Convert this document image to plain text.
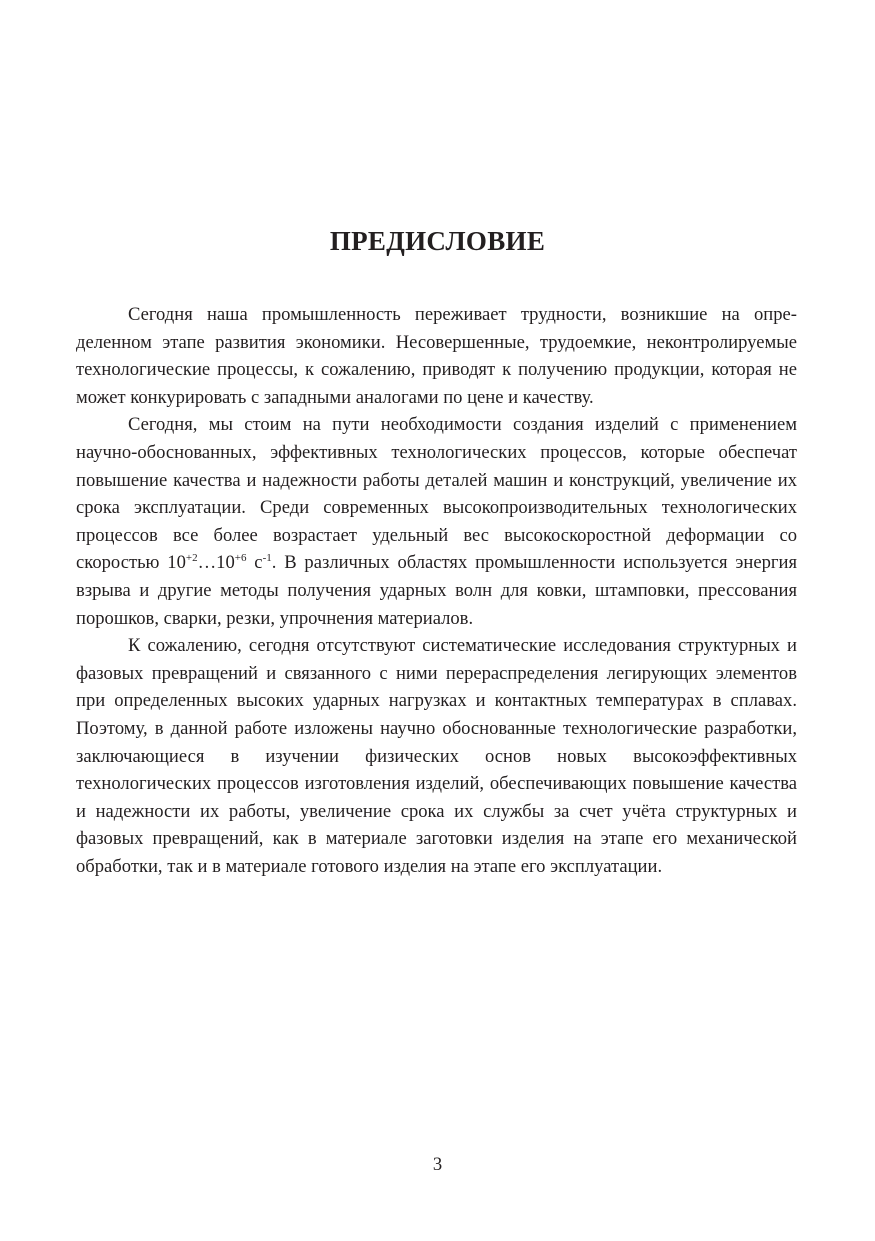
ПРЕДИСЛОВИЕ

Сегодня наша промышленность переживает трудности, возникшие на определенном этапе развития экономики. Несовершенные, трудоемкие, неконтролируемые технологические процессы, к сожалению, приводят к получению продукции, которая не может конкурировать с западными аналогами по цене и качеству.

Сегодня, мы стоим на пути необходимости создания изделий с применением научно-обоснованных, эффективных технологических процессов, которые обеспечат повышение качества и надежности работы деталей машин и конструкций, увеличение их срока эксплуатации. Среди современных высокопроизводительных технологических процессов все более возрастает удельный вес высокоскоростной деформации со скоростью $10^{+2}\dots 10^{+6}$ $с^{-1}$. В различных областях промышленности используется энергия взрыва и другие методы получения ударных волн для ковки, штамповки, прессования порошков, сварки, резки, упрочнения материалов.

К сожалению, сегодня отсутствуют систематические исследования структурных и фазовых превращений и связанного с ними перераспределения легирующих элементов при определенных высоких ударных нагрузках и контактных температурах в сплавах. Поэтому, в данной работе изложены научно обоснованные технологические разработки, заключающиеся в изучении физических основ новых высокоэффективных технологических процессов изготовления изделий, обеспечивающих повышение качества и надежности их работы, увеличение срока их службы за счет учёта структурных и фазовых превращений, как в материале заготовки изделия на этапе его механической обработки, так и в материале готового изделия на этапе его эксплуатации.

3
